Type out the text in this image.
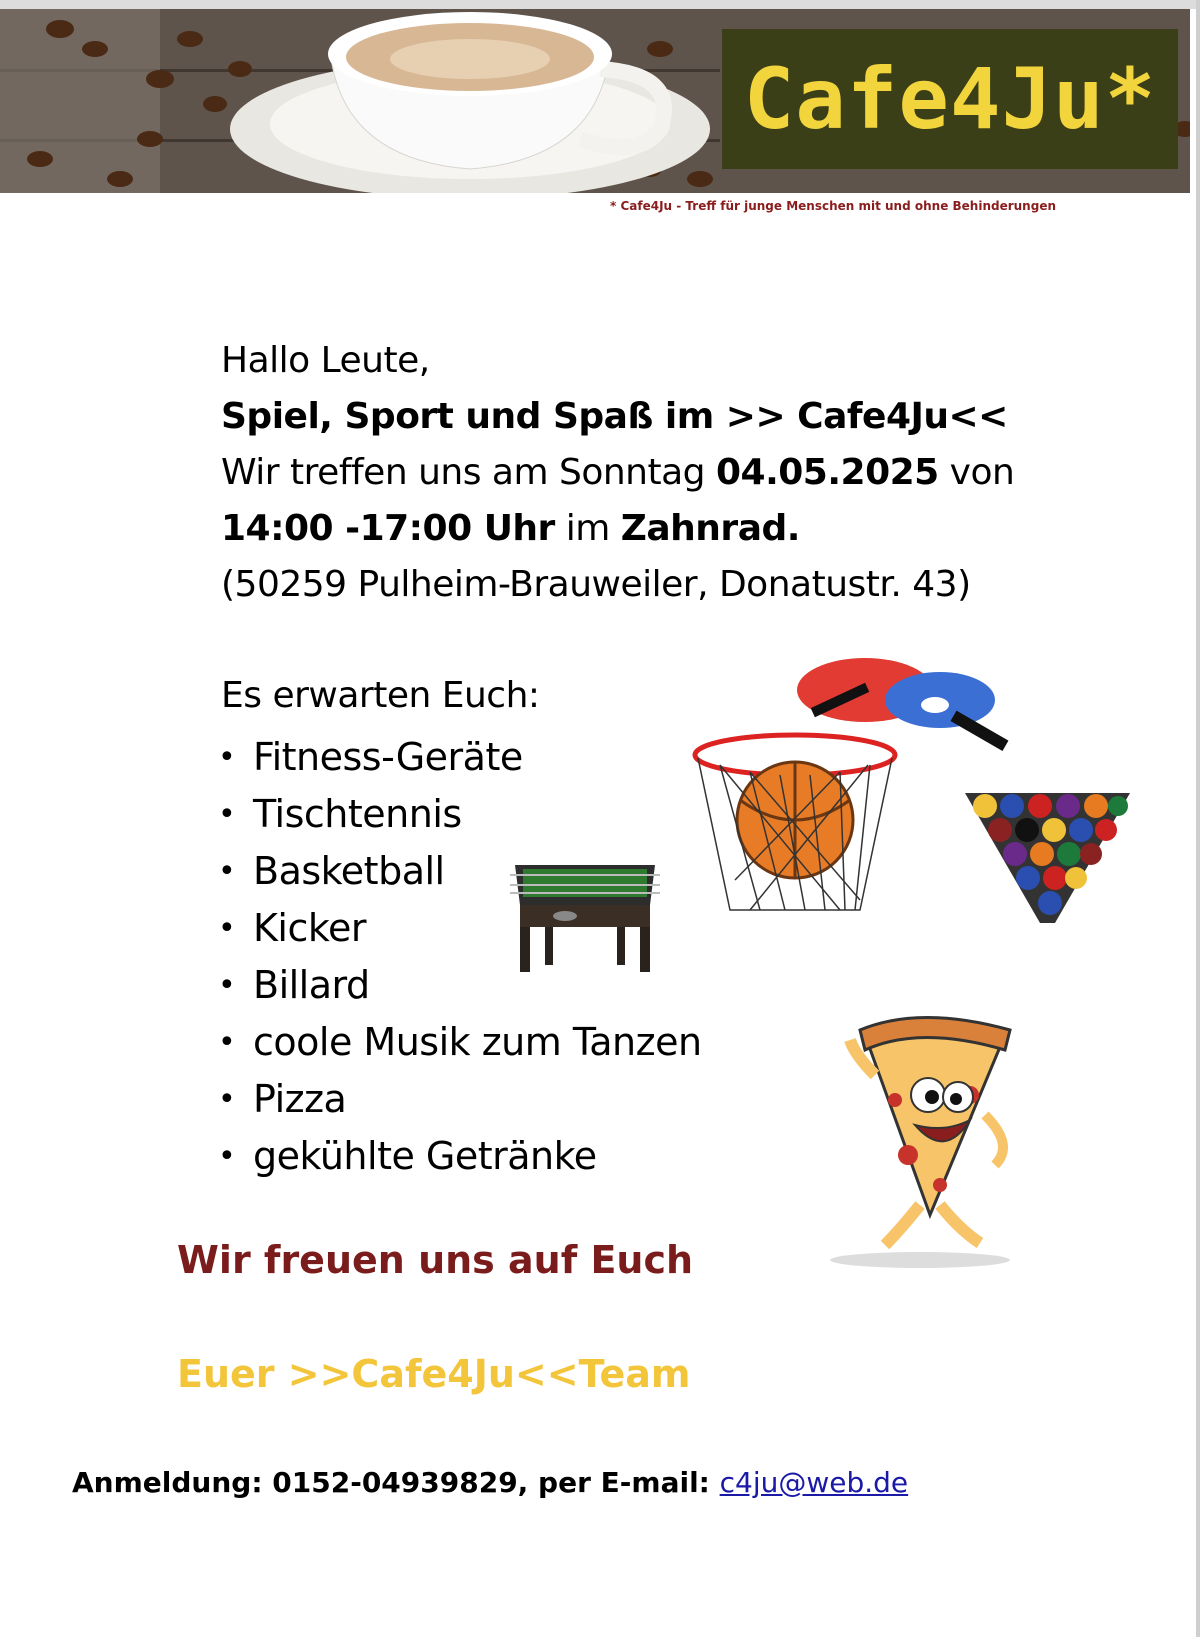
Cafe4Ju*
* Cafe4Ju - Treff für junge Menschen mit und ohne Behinderungen
Hallo Leute,
Spiel, Sport und Spaß im >> Cafe4Ju<<
Wir treffen uns am Sonntag 04.05.2025 von
14:00 -17:00 Uhr im Zahnrad.
(50259 Pulheim-Brauweiler, Donatustr. 43)
Es erwarten Euch:
• Fitness-Geräte
• Tischtennis
• Basketball
• Kicker
• Billard
• coole Musik zum Tanzen
• Pizza
• gekühlte Getränke
Wir freuen uns auf Euch
Euer >>Cafe4Ju<<Team
Anmeldung: 0152-04939829, per E-mail: c4ju@web.de
